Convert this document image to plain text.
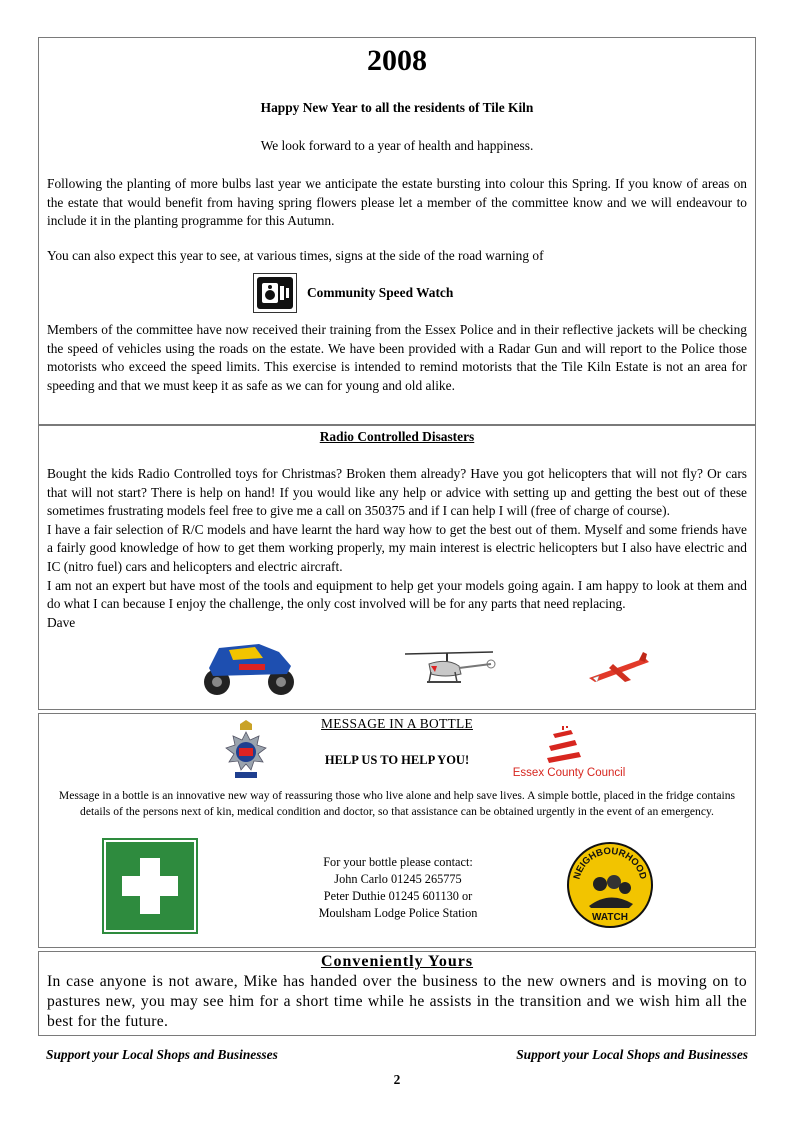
2008
Happy New Year to all the residents of Tile Kiln
We look forward to a year of health and happiness.

Following the planting of more bulbs last year we anticipate the estate bursting into colour this Spring. If you know of areas on the estate that would benefit from having spring flowers please let a member of the committee know and we will endeavour to include it in the planting programme for this Autumn.

You can also expect this year to see, at various times, signs at the side of the road warning of

Community Speed Watch

Members of the committee have now received their training from the Essex Police and in their reflective jackets will be checking the speed of vehicles using the roads on the estate. We have been provided with a Radar Gun and will report to the Police those motorists who exceed the speed limits. This exercise is intended to remind motorists that the Tile Kiln Estate is not an area for speeding and that we must keep it as safe as we can for young and old alike.

Radio Controlled Disasters

Bought the kids Radio Controlled toys for Christmas? Broken them already? Have you got helicopters that will not fly? Or cars that will not start? There is help on hand! If you would like any help or advice with setting up and getting the best out of these sometimes frustrating models feel free to give me a call on 350375 and if I can help I will (free of charge of course).

I have a fair selection of R/C models and have learnt the hard way how to get the best out of them. Myself and some friends have a fairly good knowledge of how to get them working properly, my main interest is electric helicopters but I also have electric and IC (nitro fuel) cars and helicopters and electric aircraft.

I am not an expert but have most of the tools and equipment to help get your models going again. I am happy to look at them and do what I can because I enjoy the challenge, the only cost involved will be for any parts that need replacing.

Dave

MESSAGE IN A BOTTLE
HELP US TO HELP YOU!
Essex County Council
Message in a bottle is an innovative new way of reassuring those who live alone and help save lives. A simple bottle, placed in the fridge contains details of the persons next of kin, medical condition and doctor, so that assistance can be obtained urgently in the event of an emergency.
For your bottle please contact:
John Carlo 01245 265775
Peter Duthie 01245 601130 or
Moulsham Lodge Police Station
NEIGHBOURHOOD
WATCH
Conveniently Yours

In case anyone is not aware, Mike has handed over the business to the new owners and is moving on to pastures new, you may see him for a short time while he assists in the transition and we wish him all the best for the future.

Support your Local Shops and Businesses	Support your Local Shops and Businesses
2
